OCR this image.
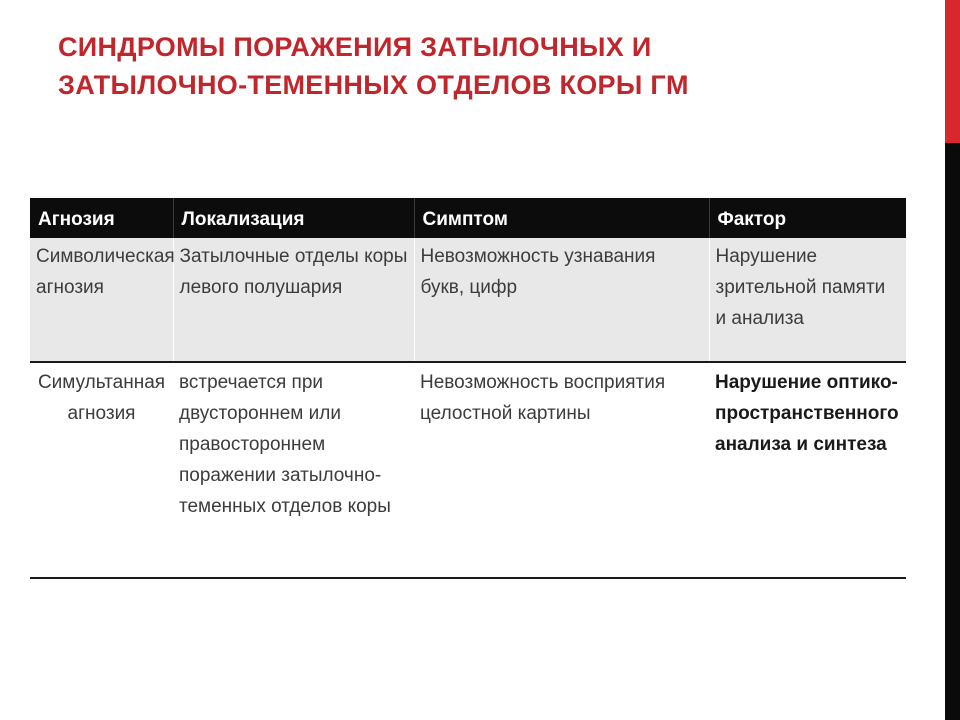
СИНДРОМЫ ПОРАЖЕНИЯ ЗАТЫЛОЧНЫХ И
ЗАТЫЛОЧНО-ТЕМЕННЫХ ОТДЕЛОВ КОРЫ ГМ
Агнозия	Локализация	Симптом	Фактор
Символическая агнозия	Затылочные отделы коры левого полушария	Невозможность узнавания букв, цифр	Нарушение зрительной памяти и анализа
Симультанная агнозия	встречается при двустороннем или правостороннем поражении затылочно-теменных отделов коры	Невозможность восприятия целостной картины	Нарушение оптико-пространственного анализа и синтеза
